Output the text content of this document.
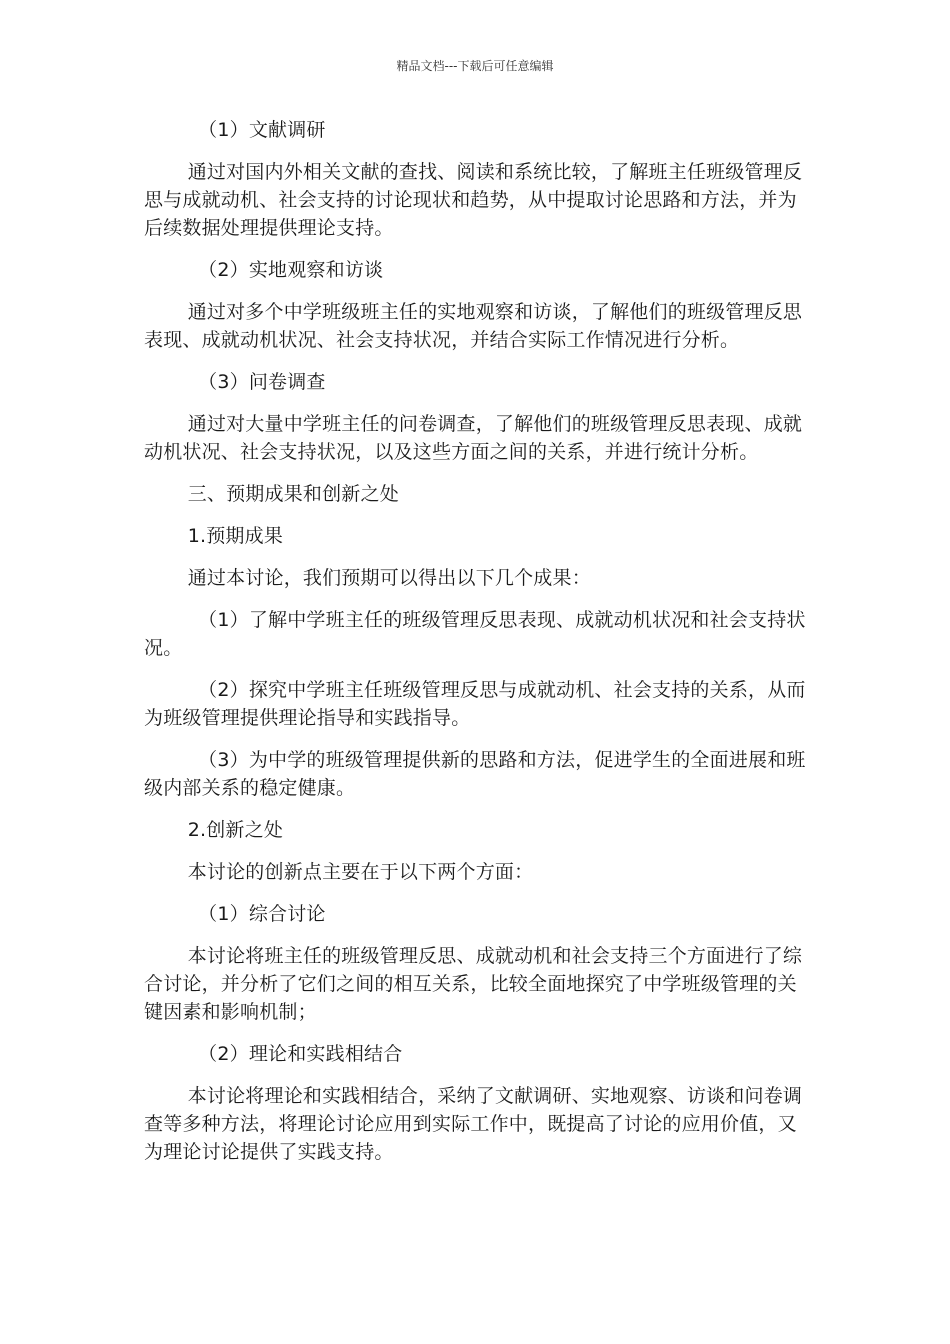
精品文档---下载后可任意编辑

（1）文献调研

通过对国内外相关文献的查找、阅读和系统比较，了解班主任班级管理反思与成就动机、社会支持的讨论现状和趋势，从中提取讨论思路和方法，并为后续数据处理提供理论支持。

（2）实地观察和访谈

通过对多个中学班级班主任的实地观察和访谈，了解他们的班级管理反思表现、成就动机状况、社会支持状况，并结合实际工作情况进行分析。

（3）问卷调查

通过对大量中学班主任的问卷调查，了解他们的班级管理反思表现、成就动机状况、社会支持状况，以及这些方面之间的关系，并进行统计分析。

三、预期成果和创新之处

1.预期成果

通过本讨论，我们预期可以得出以下几个成果：

（1）了解中学班主任的班级管理反思表现、成就动机状况和社会支持状况。

（2）探究中学班主任班级管理反思与成就动机、社会支持的关系，从而为班级管理提供理论指导和实践指导。

（3）为中学的班级管理提供新的思路和方法，促进学生的全面进展和班级内部关系的稳定健康。

2.创新之处

本讨论的创新点主要在于以下两个方面：

（1）综合讨论

本讨论将班主任的班级管理反思、成就动机和社会支持三个方面进行了综合讨论，并分析了它们之间的相互关系，比较全面地探究了中学班级管理的关键因素和影响机制；

（2）理论和实践相结合

本讨论将理论和实践相结合，采纳了文献调研、实地观察、访谈和问卷调查等多种方法，将理论讨论应用到实际工作中，既提高了讨论的应用价值，又为理论讨论提供了实践支持。
